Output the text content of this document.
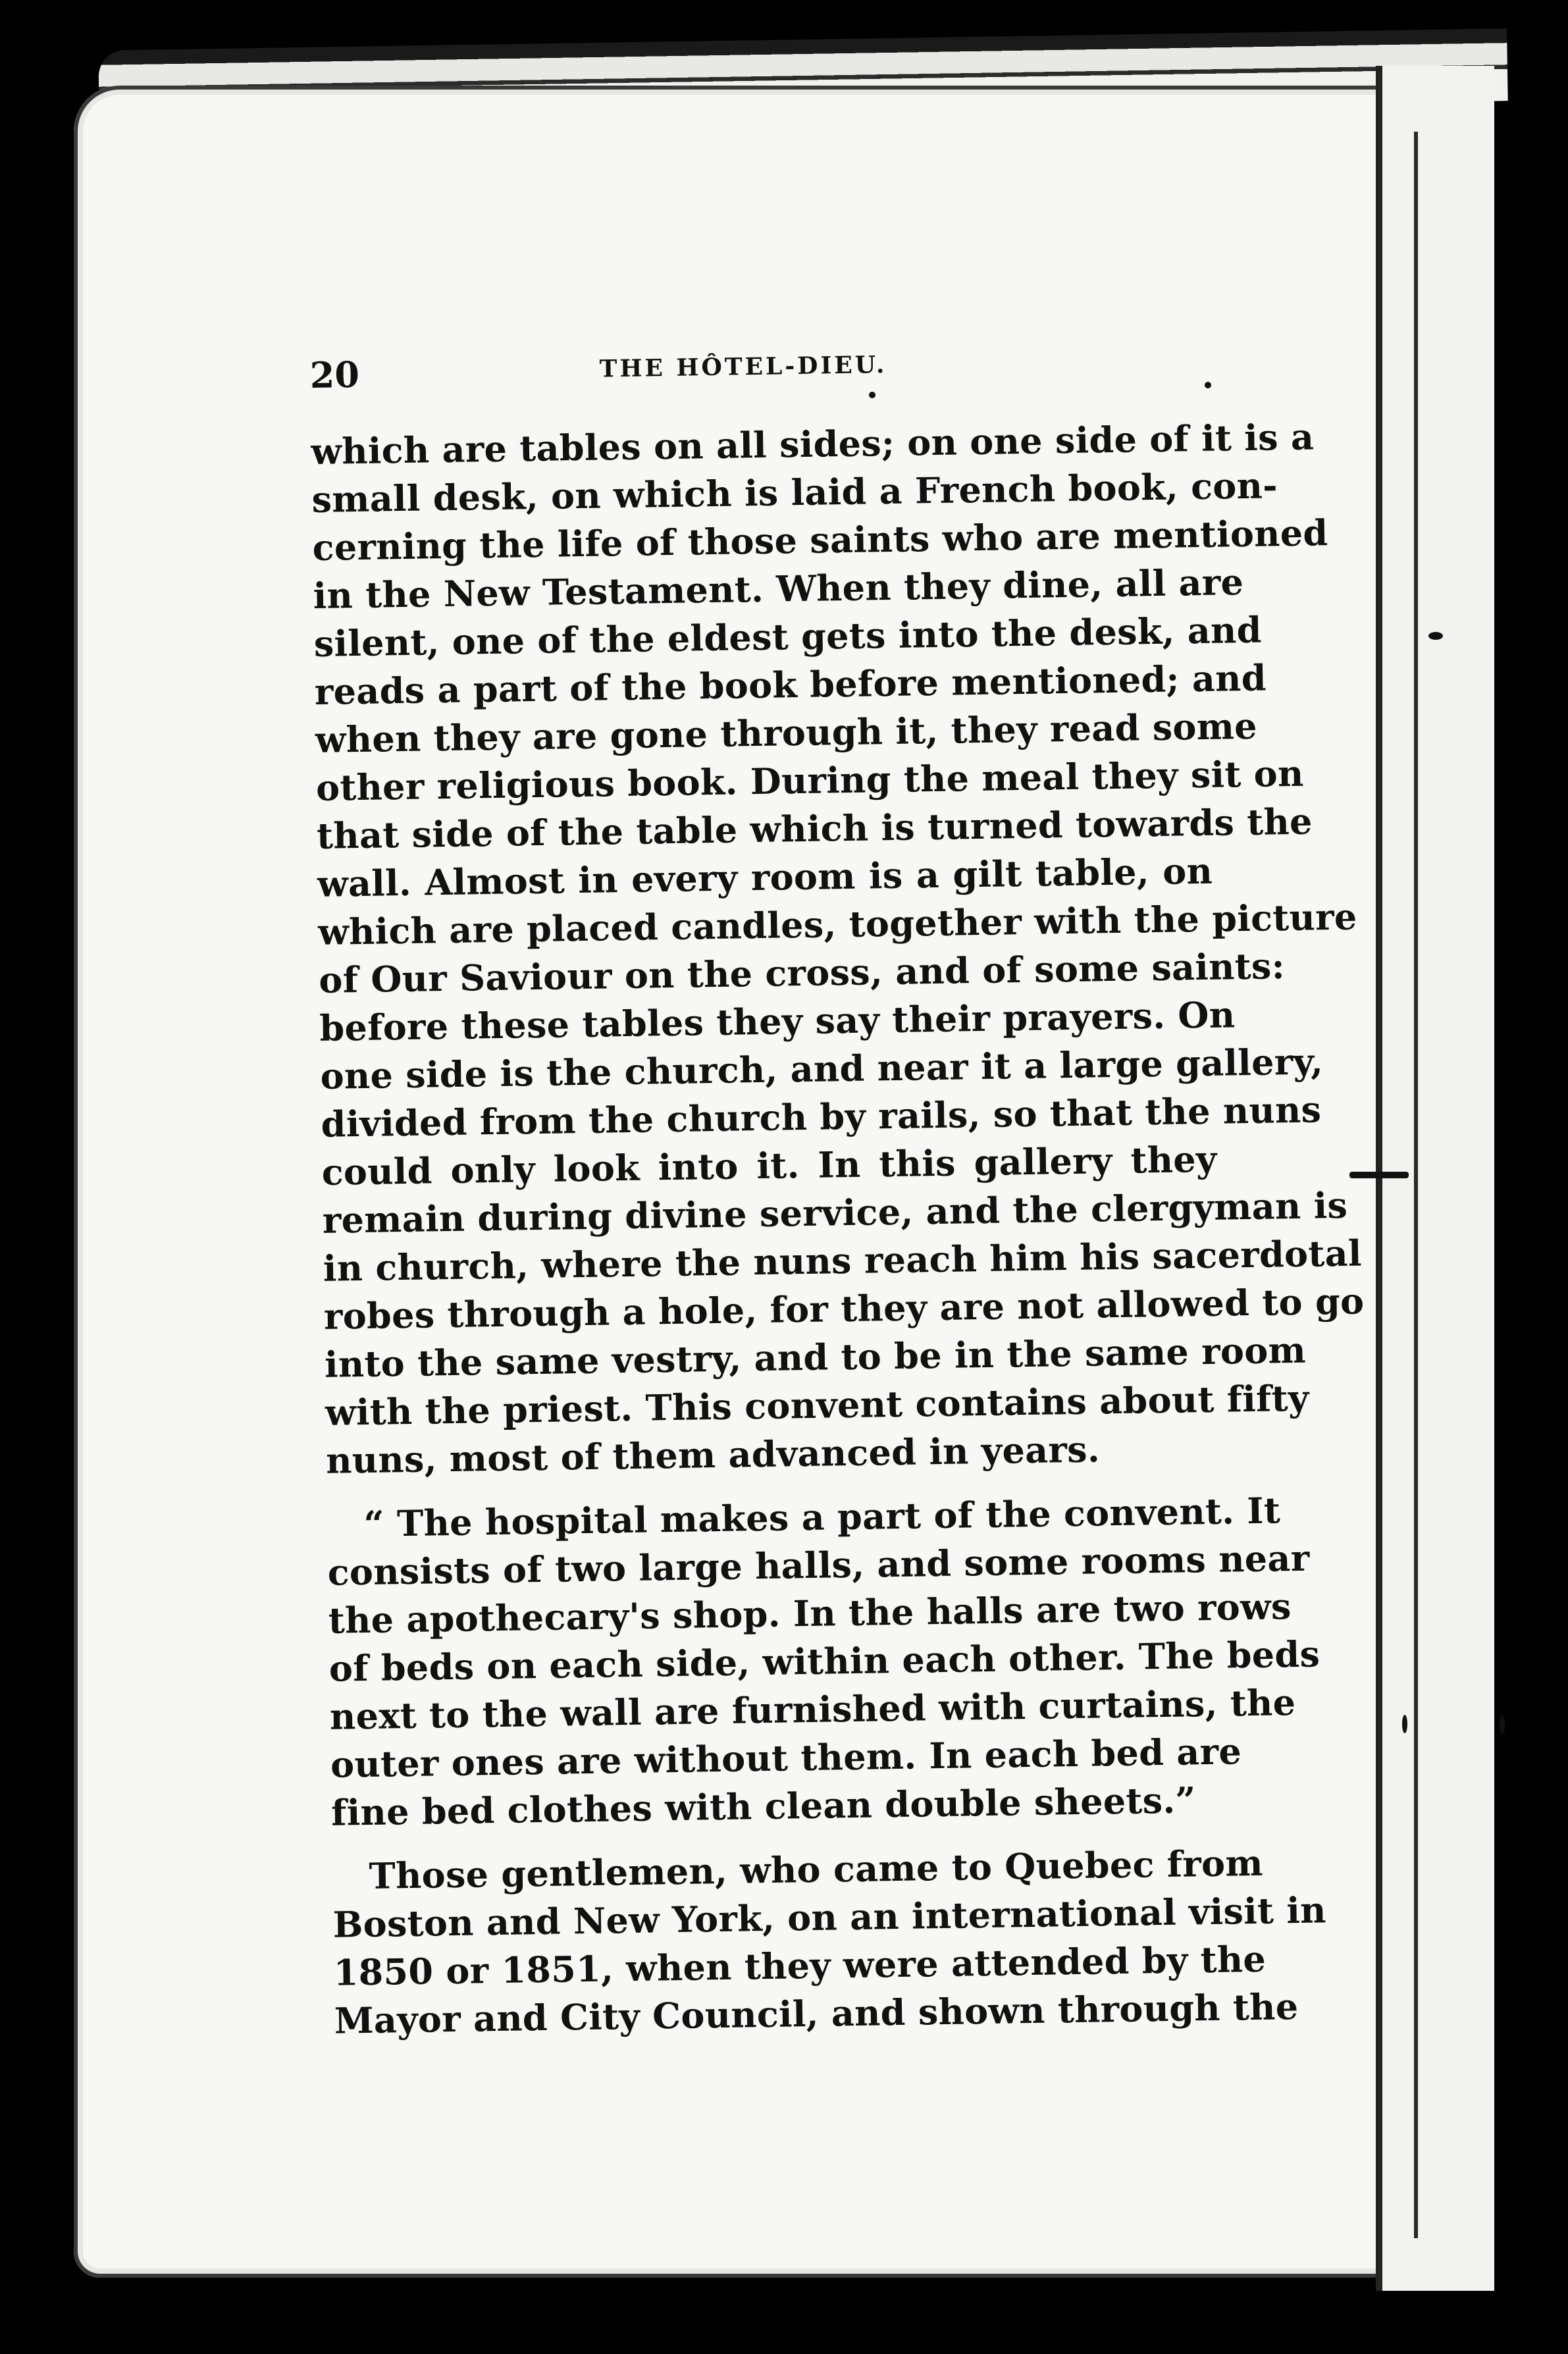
20	THE HÔTEL-DIEU.
which are tables on all sides; on one side of it is a
small desk, on which is laid a French book, con-
cerning the life of those saints who are mentioned
in the New Testament. When they dine, all are
silent, one of the eldest gets into the desk, and
reads a part of the book before mentioned; and
when they are gone through it, they read some
other religious book. During the meal they sit on
that side of the table which is turned towards the
wall. Almost in every room is a gilt table, on
which are placed candles, together with the picture
of Our Saviour on the cross, and of some saints:
before these tables they say their prayers. On
one side is the church, and near it a large gallery,
divided from the church by rails, so that the nuns
could only look into it. In this gallery they
remain during divine service, and the clergyman is
in church, where the nuns reach him his sacerdotal
robes through a hole, for they are not allowed to go
into the same vestry, and to be in the same room
with the priest. This convent contains about fifty
nuns, most of them advanced in years.
“ The hospital makes a part of the convent. It
consists of two large halls, and some rooms near
the apothecary's shop. In the halls are two rows
of beds on each side, within each other. The beds
next to the wall are furnished with curtains, the
outer ones are without them. In each bed are
fine bed clothes with clean double sheets.”
Those gentlemen, who came to Quebec from
Boston and New York, on an international visit in
1850 or 1851, when they were attended by the
Mayor and City Council, and shown through the
